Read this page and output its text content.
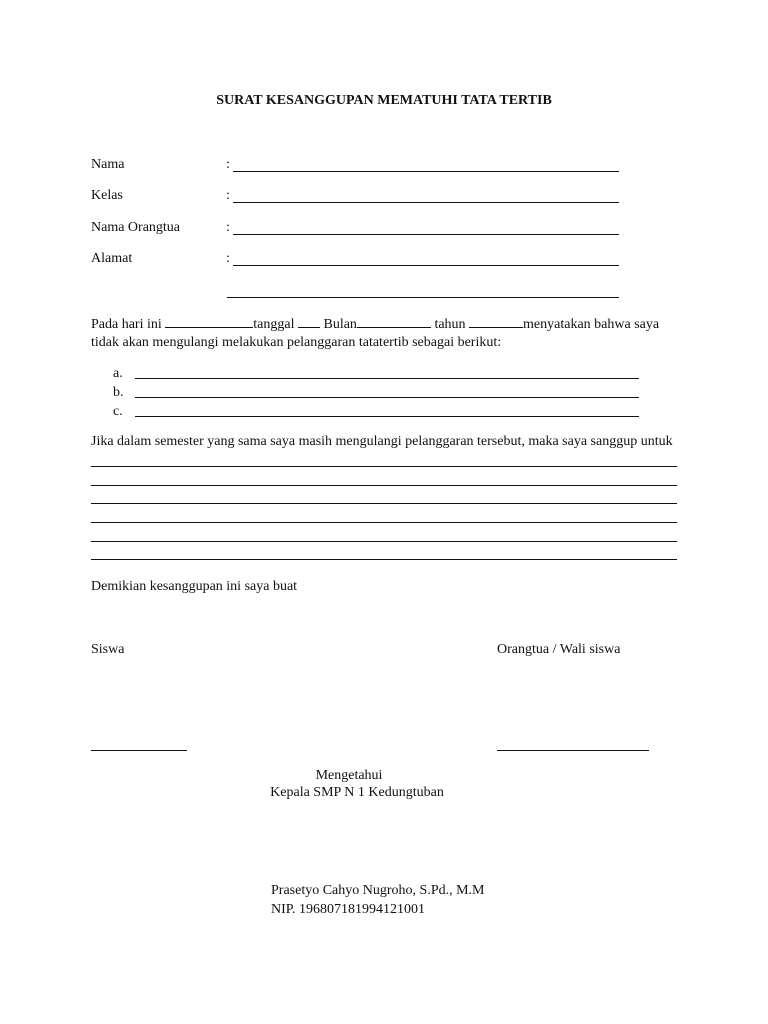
SURAT KESANGGUPAN MEMATUHI TATA TERTIB
Nama	:
Kelas	:
Nama Orangtua	:
Alamat	:
Pada hari ini	tanggal Bulan	tahun	menyatakan bahwa saya
tidak akan mengulangi melakukan pelanggaran tatatertib sebagai berikut:
a.
b.
c.
Jika dalam semester yang sama saya masih mengulangi pelanggaran tersebut, maka saya sanggup untuk
Demikian kesanggupan ini saya buat
Siswa	Orangtua / Wali siswa
Mengetahui
Kepala SMP N 1 Kedungtuban
Prasetyo Cahyo Nugroho, S.Pd., M.M
NIP. 196807181994121001
